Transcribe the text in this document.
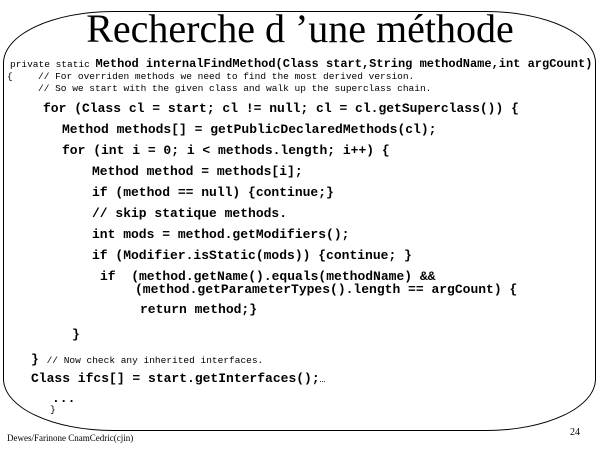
Recherche d ’une méthode
private static Method internalFindMethod(Class start,String methodName,int argCount)
{	// For overriden methods we need to find the most derived version.
// So we start with the given class and walk up the superclass chain.
for (Class cl = start; cl != null; cl = cl.getSuperclass()) {
Method methods[] = getPublicDeclaredMethods(cl);
for (int i = 0; i < methods.length; i++) {
Method method = methods[i];
if (method == null) {continue;}
// skip statique methods.
int mods = method.getModifiers();
if (Modifier.isStatic(mods)) {continue; }
if  (method.getName().equals(methodName) &&
(method.getParameterTypes().length == argCount) {
return method;}
}
} // Now check any inherited interfaces.
Class ifcs[] = start.getInterfaces();…
...
}
Dewes/Farinone CnamCedric(cjin)	24
